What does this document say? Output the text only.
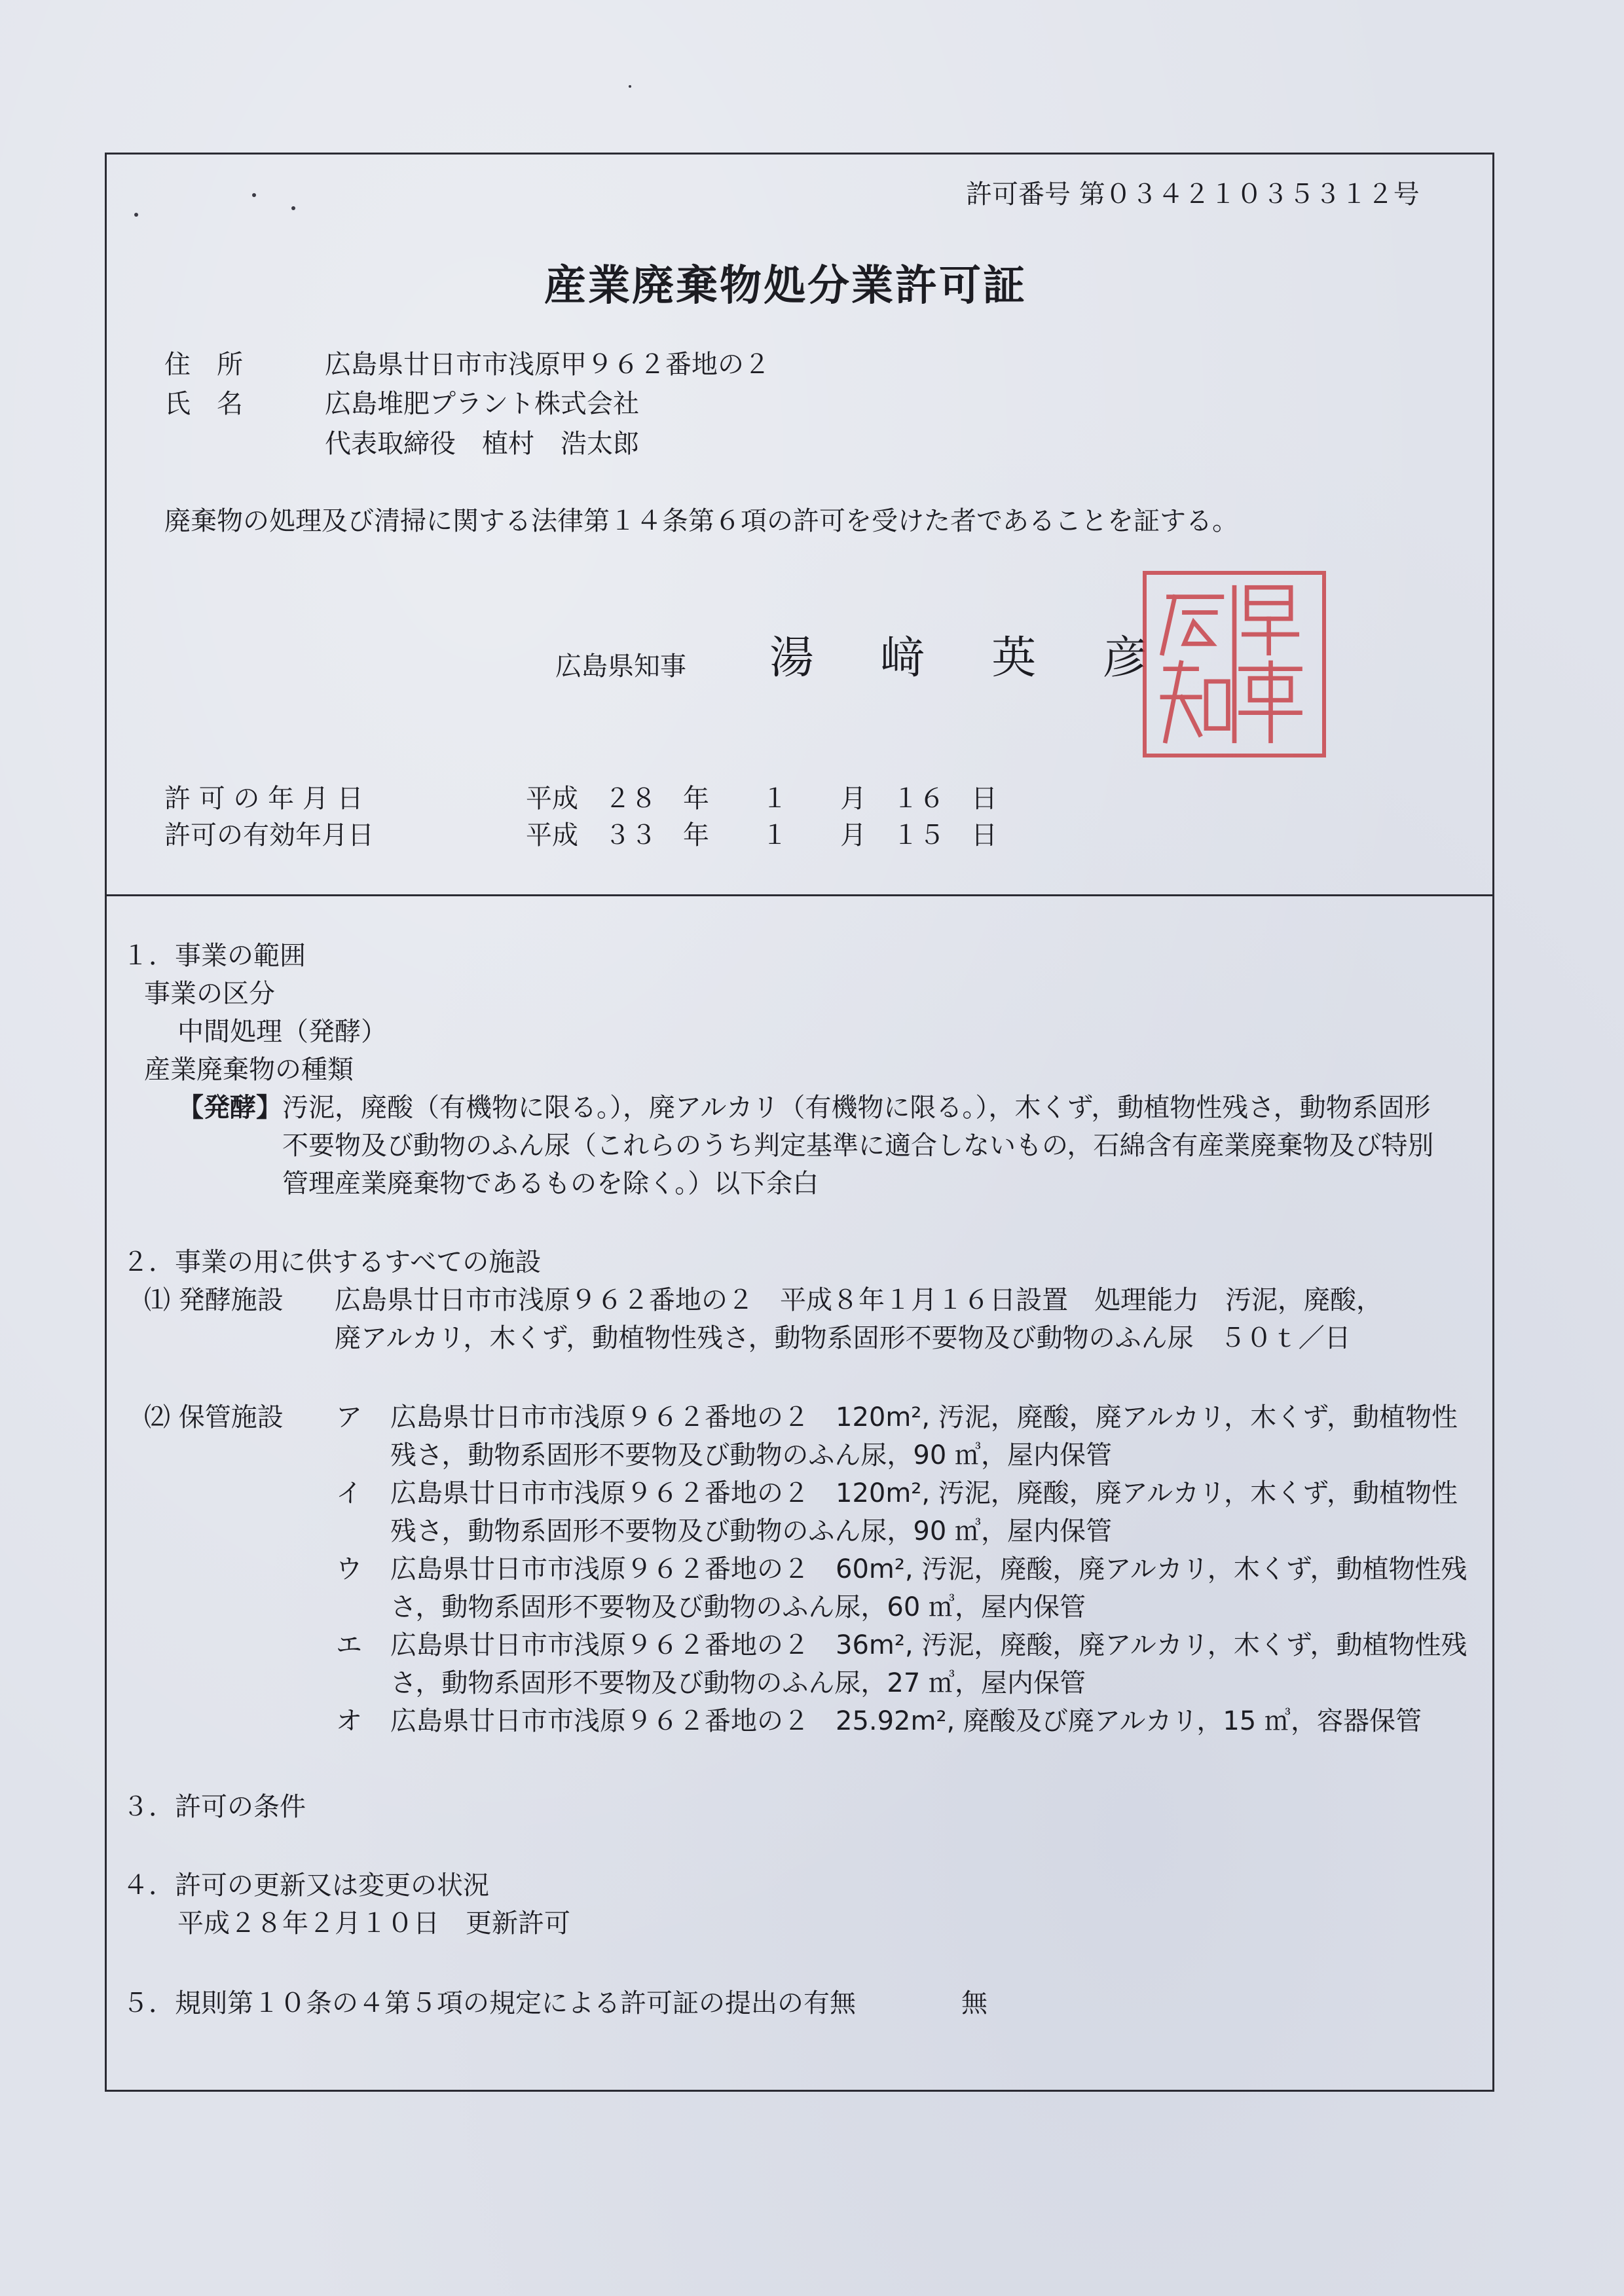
許可番号 第０３４２１０３５３１２号
産業廃棄物処分業許可証
住　所	広島県廿日市市浅原甲９６２番地の２
氏　名	広島堆肥プラント株式会社
代表取締役　植村　浩太郎
廃棄物の処理及び清掃に関する法律第１４条第６項の許可を受けた者であることを証する。
広島県知事 湯 﨑 英 彦
許 可 の 年 月 日	平成　２８　年　　１　　月　１６　日
許可の有効年月日	平成　３３　年　　１　　月　１５　日
１．事業の範囲
事業の区分
中間処理（発酵）
産業廃棄物の種類
【発酵】 汚泥，廃酸（有機物に限る。），廃アルカリ（有機物に限る。），木くず，動植物性残さ，動物系固形
不要物及び動物のふん尿（これらのうち判定基準に適合しないもの，石綿含有産業廃棄物及び特別
管理産業廃棄物であるものを除く。）以下余白
２．事業の用に供するすべての施設
⑴ 発酵施設 広島県廿日市市浅原９６２番地の２　平成８年１月１６日設置　処理能力　汚泥，廃酸，
廃アルカリ，木くず，動植物性残さ，動物系固形不要物及び動物のふん尿　５０ｔ／日
⑵ 保管施設 ア 広島県廿日市市浅原９６２番地の２　120m², 汚泥，廃酸，廃アルカリ，木くず，動植物性
残さ，動物系固形不要物及び動物のふん尿，90 ㎥，屋内保管
イ 広島県廿日市市浅原９６２番地の２　120m², 汚泥，廃酸，廃アルカリ，木くず，動植物性
残さ，動物系固形不要物及び動物のふん尿，90 ㎥，屋内保管
ウ 広島県廿日市市浅原９６２番地の２　60m², 汚泥，廃酸，廃アルカリ，木くず，動植物性残
さ，動物系固形不要物及び動物のふん尿，60 ㎥，屋内保管
エ 広島県廿日市市浅原９６２番地の２　36m², 汚泥，廃酸，廃アルカリ，木くず，動植物性残
さ，動物系固形不要物及び動物のふん尿，27 ㎥，屋内保管
オ 広島県廿日市市浅原９６２番地の２　25.92m², 廃酸及び廃アルカリ，15 ㎥，容器保管
３．許可の条件
４．許可の更新又は変更の状況
平成２８年２月１０日　更新許可
５．規則第１０条の４第５項の規定による許可証の提出の有無	無
